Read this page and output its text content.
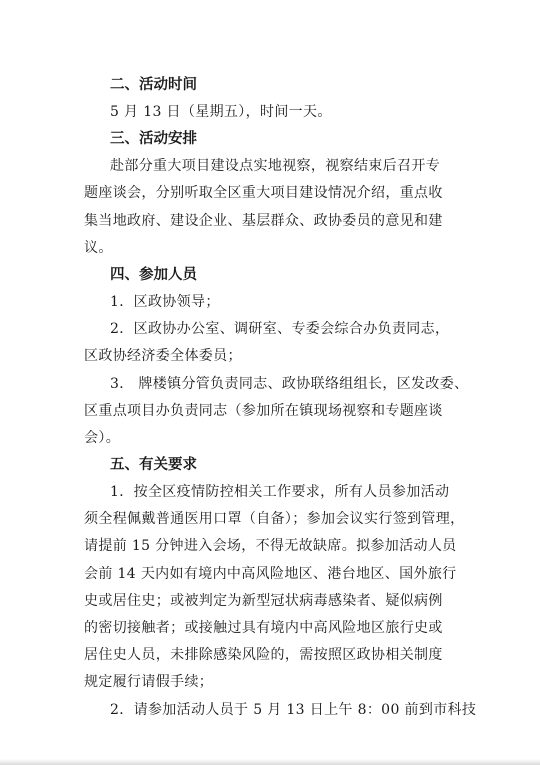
二、活动时间
5 月 13 日（星期五），时间一天。
三、活动安排
赴部分重大项目建设点实地视察，视察结束后召开专
题座谈会，分别听取全区重大项目建设情况介绍，重点收
集当地政府、建设企业、基层群众、政协委员的意见和建
议。
四、参加人员
1．区政协领导；
2．区政协办公室、调研室、专委会综合办负责同志，
区政协经济委全体委员；
3． 牌楼镇分管负责同志、政协联络组组长，区发改委、
区重点项目办负责同志（参加所在镇现场视察和专题座谈
会）。
五、有关要求
1．按全区疫情防控相关工作要求，所有人员参加活动
须全程佩戴普通医用口罩（自备）；参加会议实行签到管理，
请提前 15 分钟进入会场，不得无故缺席。拟参加活动人员
会前 14 天内如有境内中高风险地区、港台地区、国外旅行
史或居住史；或被判定为新型冠状病毒感染者、疑似病例
的密切接触者；或接触过具有境内中高风险地区旅行史或
居住史人员，未排除感染风险的，需按照区政协相关制度
规定履行请假手续；
2．请参加活动人员于 5 月 13 日上午 8：00 前到市科技
